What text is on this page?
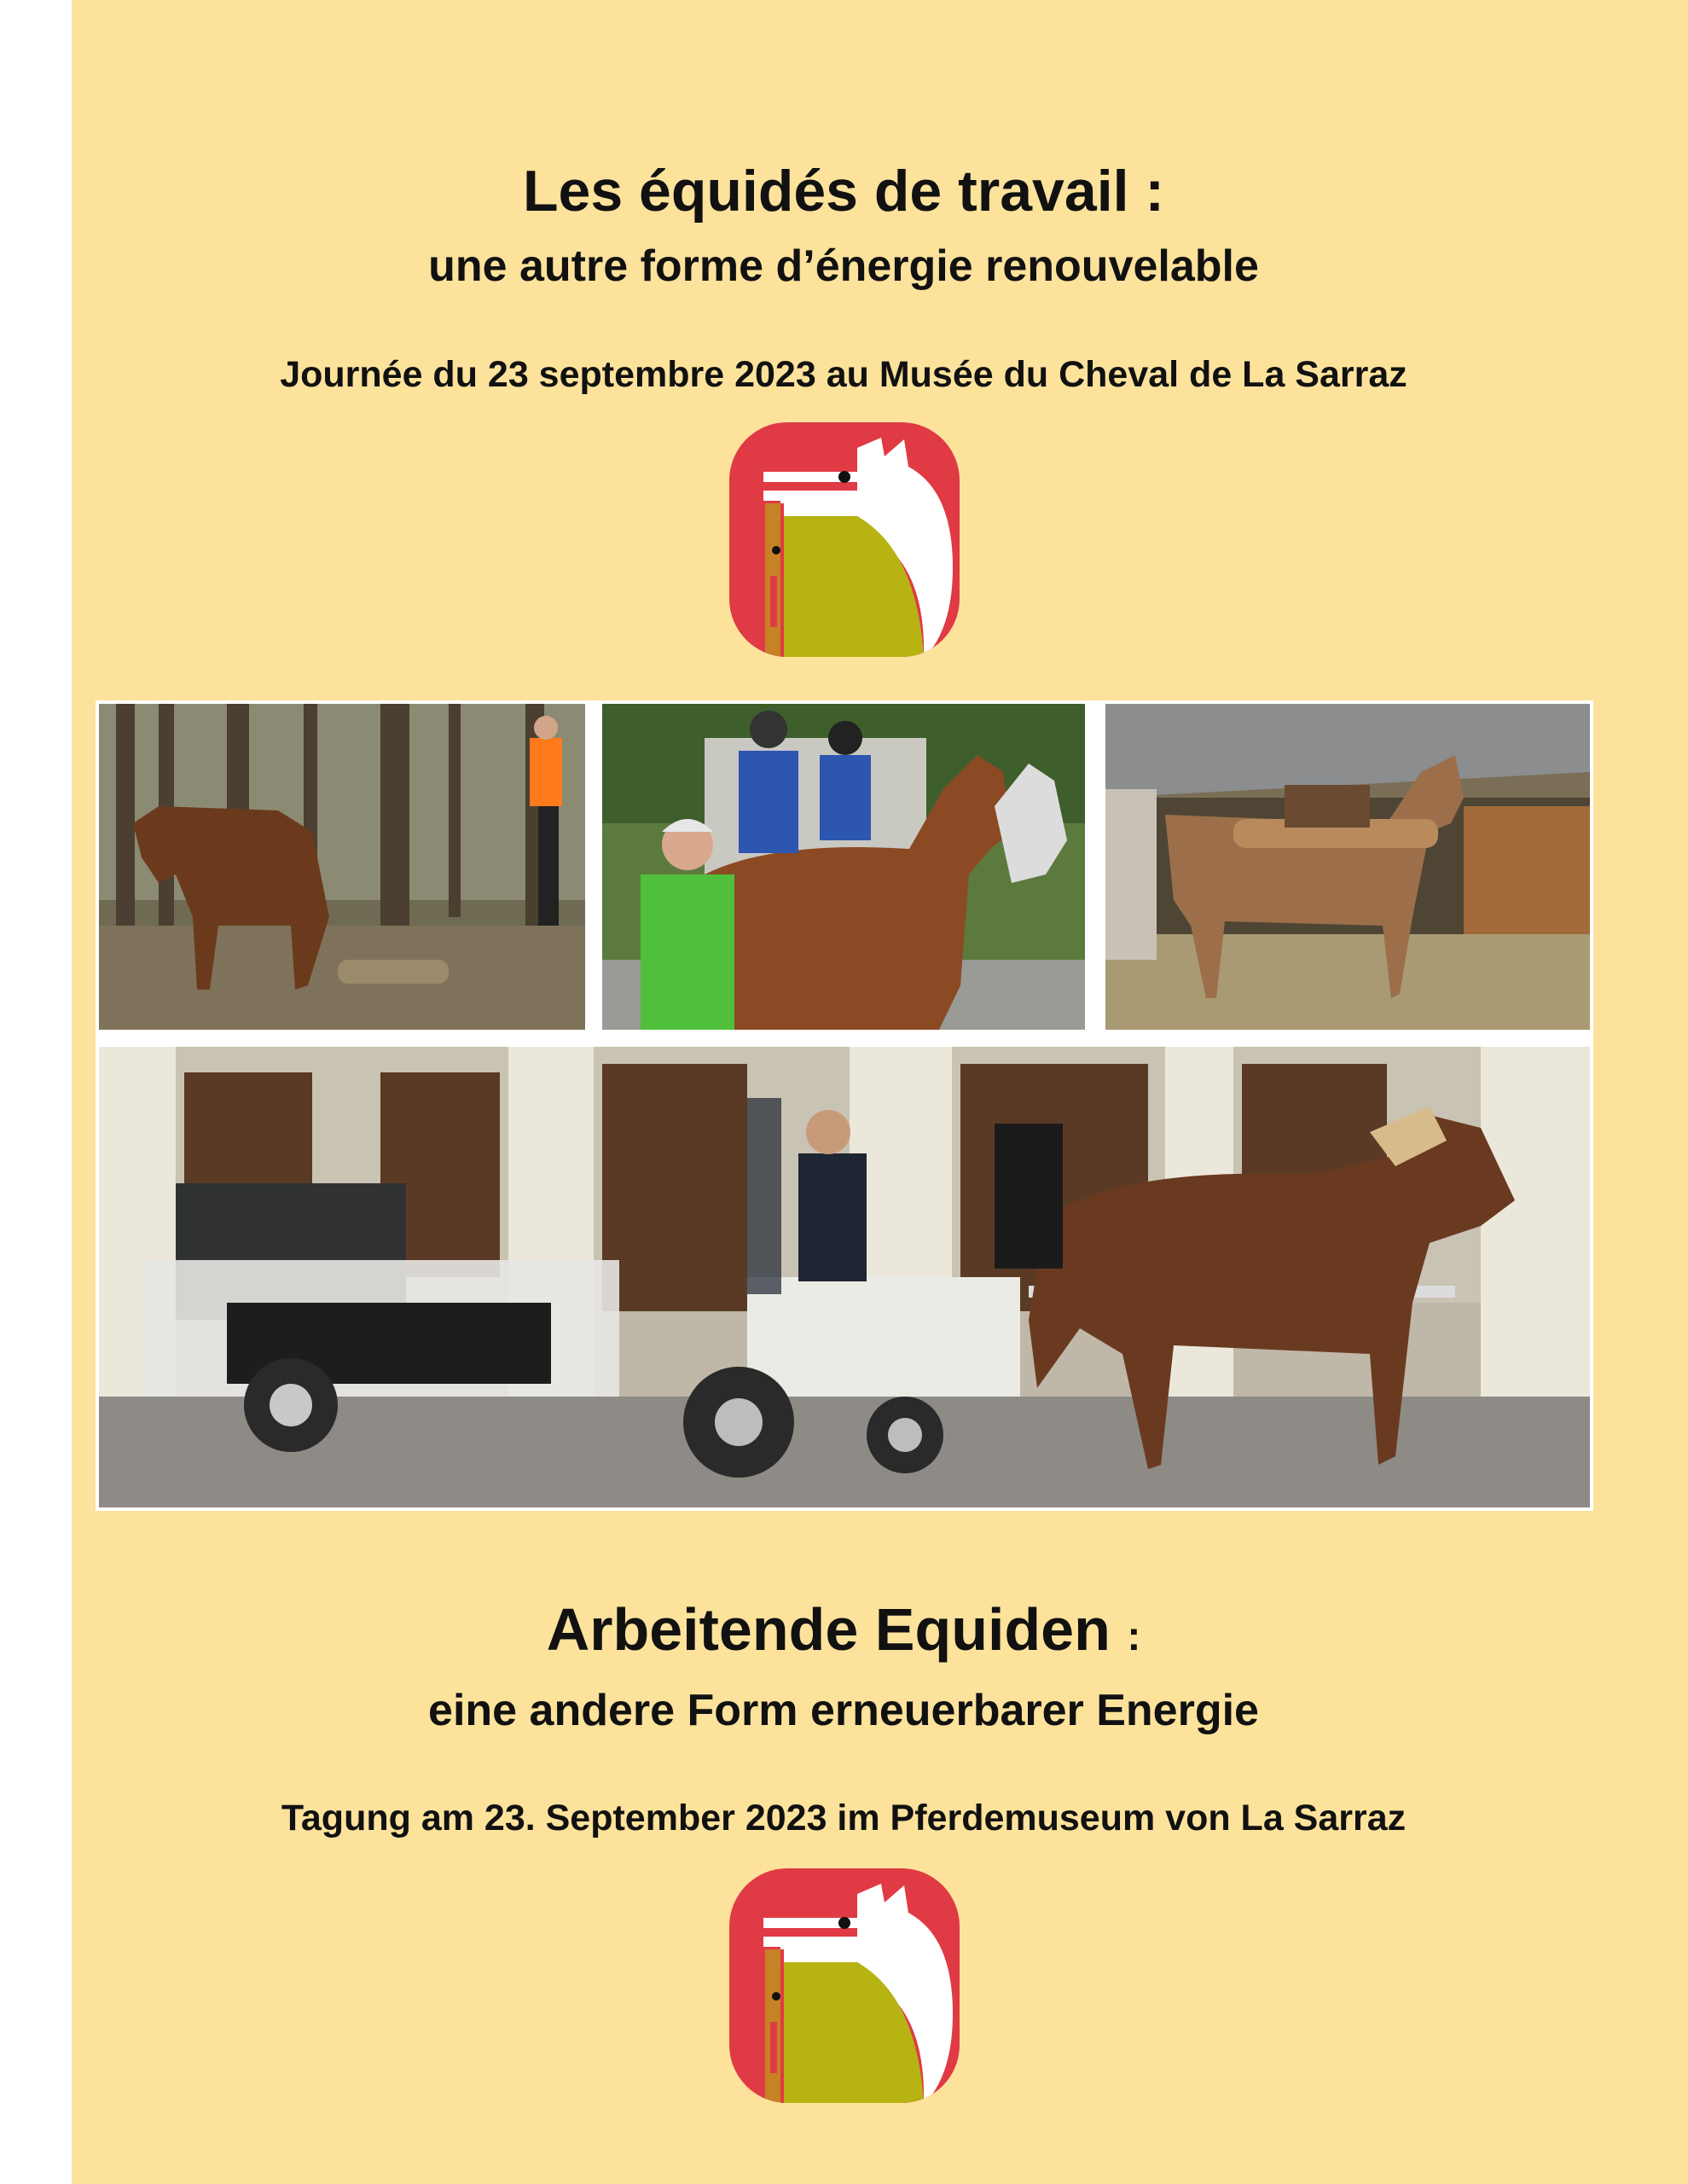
Les équidés de travail :
une autre forme d’énergie renouvelable
Journée du 23 septembre 2023 au Musée du Cheval de La Sarraz
Arbeitende Equiden :
eine andere Form erneuerbarer Energie
Tagung am 23. September 2023 im Pferdemuseum von La Sarraz
